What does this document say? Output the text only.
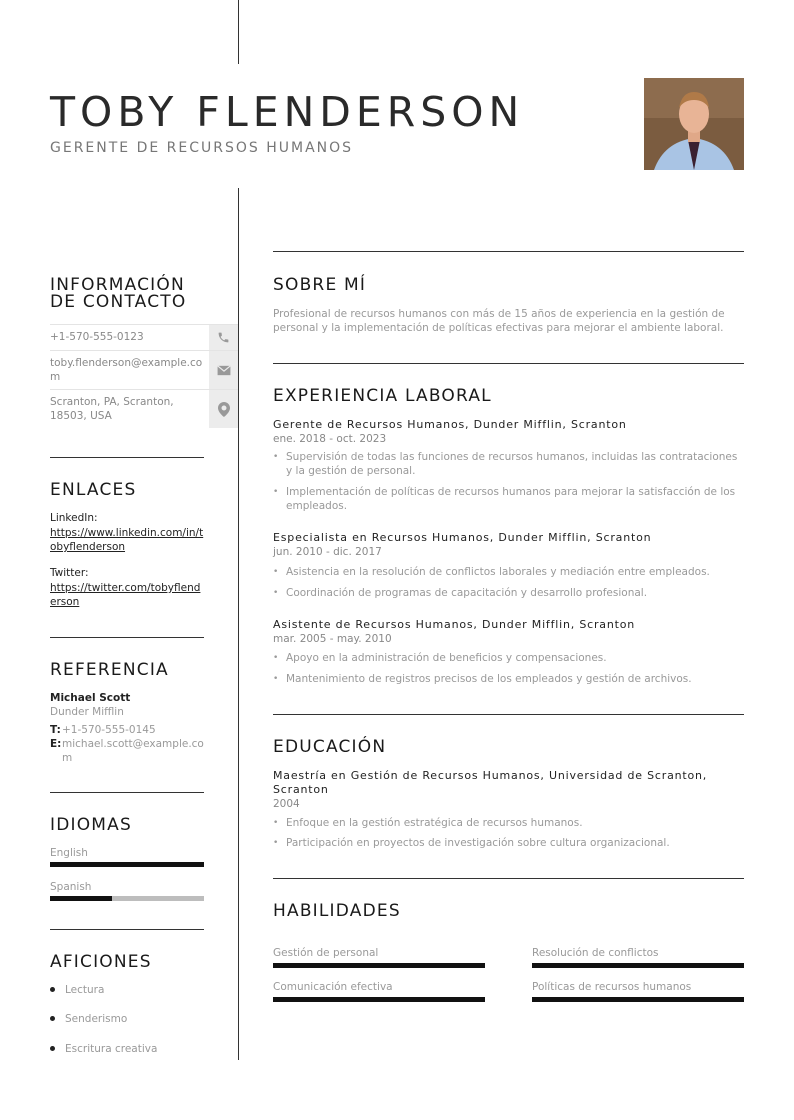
TOBY FLENDERSON
GERENTE DE RECURSOS HUMANOS
INFORMACIÓN
DE CONTACTO
+1-570-555-0123
toby.flenderson@example.com
Scranton, PA, Scranton, 18503, USA
ENLACES
LinkedIn:
https://www.linkedin.com/in/tobyflenderson
Twitter:
https://twitter.com/tobyflenderson
REFERENCIA
Michael Scott
Dunder Mifflin
T: +1-570-555-0145
E: michael.scott@example.com
IDIOMAS
English
Spanish
AFICIONES
Lectura
Senderismo
Escritura creativa
SOBRE MÍ
Profesional de recursos humanos con más de 15 años de experiencia en la gestión de personal y la implementación de políticas efectivas para mejorar el ambiente laboral.
EXPERIENCIA LABORAL
Gerente de Recursos Humanos, Dunder Mifflin, Scranton
ene. 2018 - oct. 2023
• Supervisión de todas las funciones de recursos humanos, incluidas las contrataciones y la gestión de personal.
• Implementación de políticas de recursos humanos para mejorar la satisfacción de los empleados.
Especialista en Recursos Humanos, Dunder Mifflin, Scranton
jun. 2010 - dic. 2017
• Asistencia en la resolución de conflictos laborales y mediación entre empleados.
• Coordinación de programas de capacitación y desarrollo profesional.
Asistente de Recursos Humanos, Dunder Mifflin, Scranton
mar. 2005 - may. 2010
• Apoyo en la administración de beneficios y compensaciones.
• Mantenimiento de registros precisos de los empleados y gestión de archivos.
EDUCACIÓN
Maestría en Gestión de Recursos Humanos, Universidad de Scranton, Scranton
2004
• Enfoque en la gestión estratégica de recursos humanos.
• Participación en proyectos de investigación sobre cultura organizacional.
HABILIDADES
Gestión de personal	Resolución de conflictos
Comunicación efectiva	Políticas de recursos humanos
